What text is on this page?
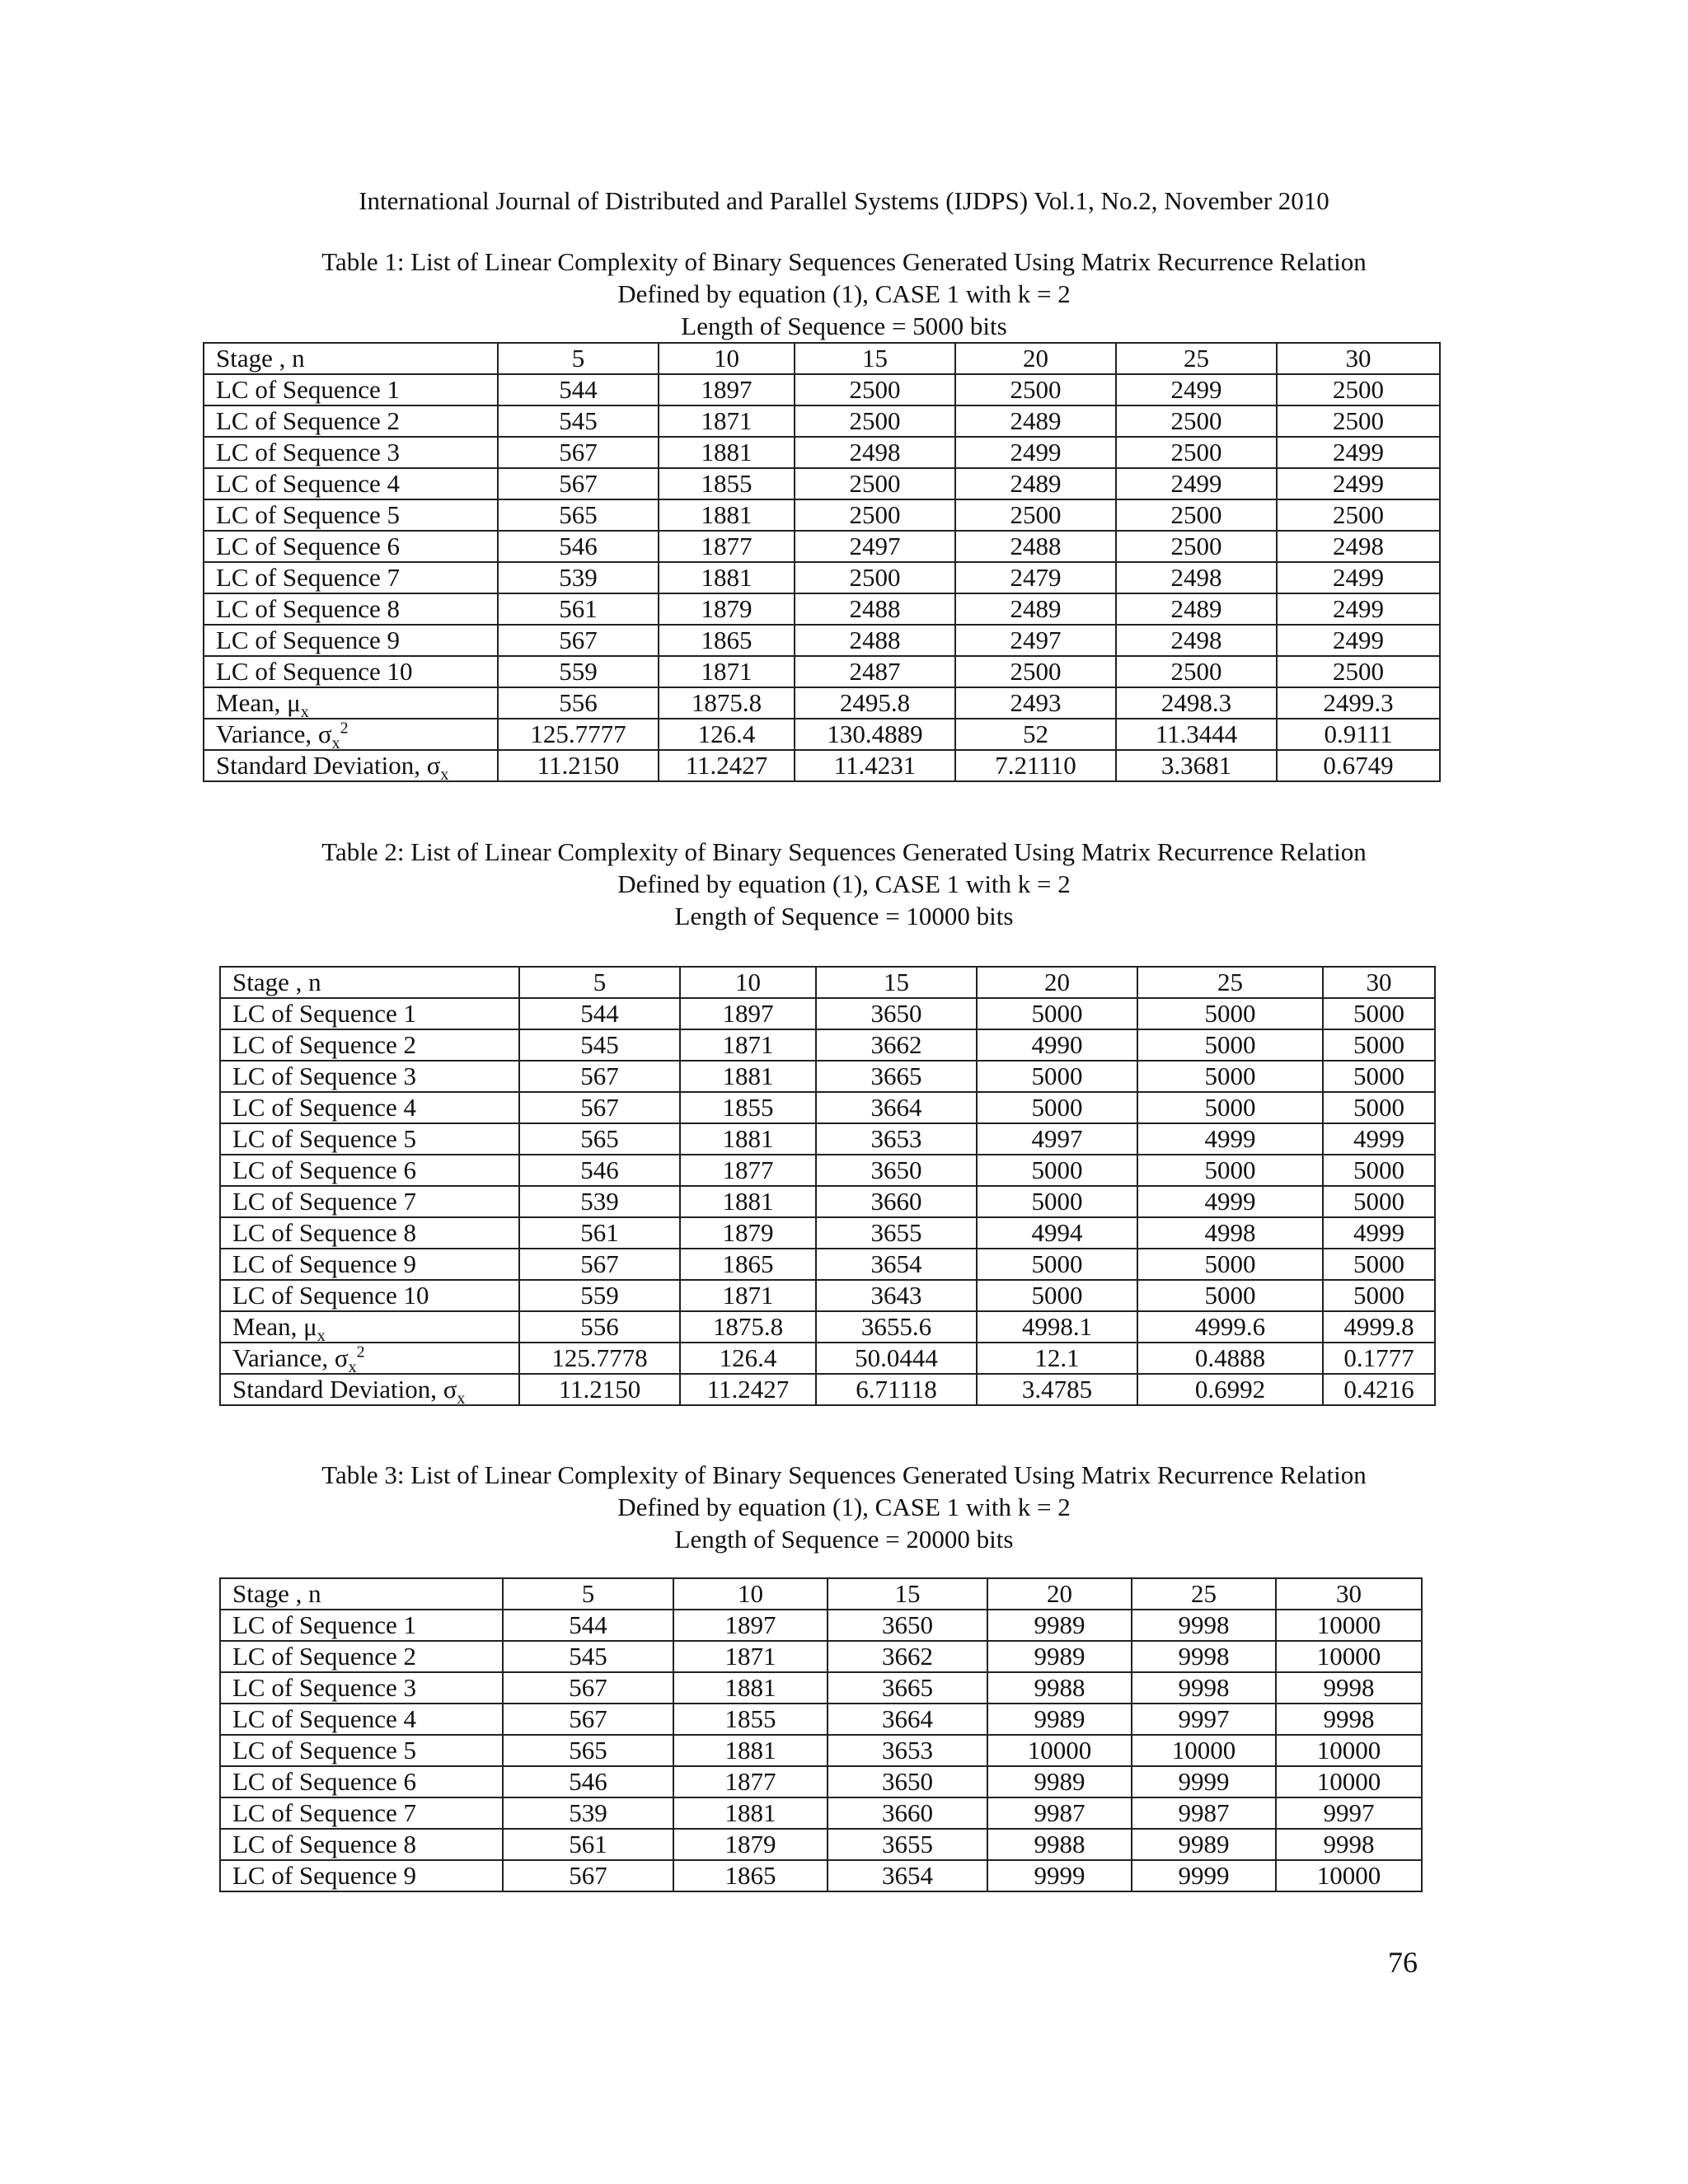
International Journal of Distributed and Parallel Systems (IJDPS) Vol.1, No.2, November 2010
Table 1: List of Linear Complexity of Binary Sequences Generated Using Matrix Recurrence Relation
Defined by equation (1), CASE 1 with k = 2
Length of Sequence = 5000 bits
Stage , n	5	10	15	20	25	30
LC of Sequence 1	544	1897	2500	2500	2499	2500
LC of Sequence 2	545	1871	2500	2489	2500	2500
LC of Sequence 3	567	1881	2498	2499	2500	2499
LC of Sequence 4	567	1855	2500	2489	2499	2499
LC of Sequence 5	565	1881	2500	2500	2500	2500
LC of Sequence 6	546	1877	2497	2488	2500	2498
LC of Sequence 7	539	1881	2500	2479	2498	2499
LC of Sequence 8	561	1879	2488	2489	2489	2499
LC of Sequence 9	567	1865	2488	2497	2498	2499
LC of Sequence 10	559	1871	2487	2500	2500	2500
Mean, $\mu_x$	556	1875.8	2495.8	2493	2498.3	2499.3
Variance, $\sigma_x^2$	125.7777	126.4	130.4889	52	11.3444	0.9111
Standard Deviation, $\sigma_x$	11.2150	11.2427	11.4231	7.21110	3.3681	0.6749
Table 2: List of Linear Complexity of Binary Sequences Generated Using Matrix Recurrence Relation
Defined by equation (1), CASE 1 with k = 2
Length of Sequence = 10000 bits
Stage , n	5	10	15	20	25	30
LC of Sequence 1	544	1897	3650	5000	5000	5000
LC of Sequence 2	545	1871	3662	4990	5000	5000
LC of Sequence 3	567	1881	3665	5000	5000	5000
LC of Sequence 4	567	1855	3664	5000	5000	5000
LC of Sequence 5	565	1881	3653	4997	4999	4999
LC of Sequence 6	546	1877	3650	5000	5000	5000
LC of Sequence 7	539	1881	3660	5000	4999	5000
LC of Sequence 8	561	1879	3655	4994	4998	4999
LC of Sequence 9	567	1865	3654	5000	5000	5000
LC of Sequence 10	559	1871	3643	5000	5000	5000
Mean, $\mu_x$	556	1875.8	3655.6	4998.1	4999.6	4999.8
Variance, $\sigma_x^2$	125.7778	126.4	50.0444	12.1	0.4888	0.1777
Standard Deviation, $\sigma_x$	11.2150	11.2427	6.71118	3.4785	0.6992	0.4216
Table 3: List of Linear Complexity of Binary Sequences Generated Using Matrix Recurrence Relation
Defined by equation (1), CASE 1 with k = 2
Length of Sequence = 20000 bits
Stage , n	5	10	15	20	25	30
LC of Sequence 1	544	1897	3650	9989	9998	10000
LC of Sequence 2	545	1871	3662	9989	9998	10000
LC of Sequence 3	567	1881	3665	9988	9998	9998
LC of Sequence 4	567	1855	3664	9989	9997	9998
LC of Sequence 5	565	1881	3653	10000	10000	10000
LC of Sequence 6	546	1877	3650	9989	9999	10000
LC of Sequence 7	539	1881	3660	9987	9987	9997
LC of Sequence 8	561	1879	3655	9988	9989	9998
LC of Sequence 9	567	1865	3654	9999	9999	10000
76
